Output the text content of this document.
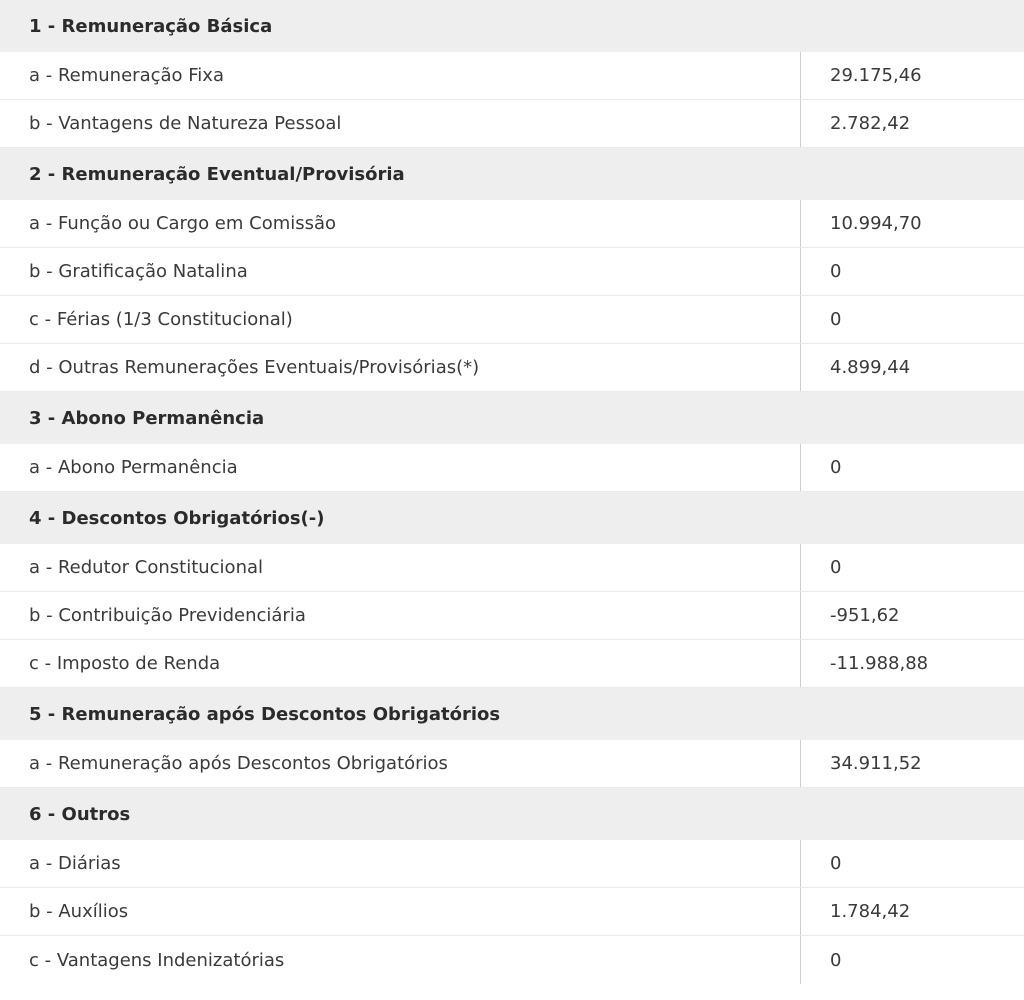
1 - Remuneração Básica
a - Remuneração Fixa	29.175,46
b - Vantagens de Natureza Pessoal	2.782,42
2 - Remuneração Eventual/Provisória
a - Função ou Cargo em Comissão	10.994,70
b - Gratificação Natalina	0
c - Férias (1/3 Constitucional)	0
d - Outras Remunerações Eventuais/Provisórias(*)	4.899,44
3 - Abono Permanência
a - Abono Permanência	0
4 - Descontos Obrigatórios(-)
a - Redutor Constitucional	0
b - Contribuição Previdenciária	-951,62
c - Imposto de Renda	-11.988,88
5 - Remuneração após Descontos Obrigatórios
a - Remuneração após Descontos Obrigatórios	34.911,52
6 - Outros
a - Diárias	0
b - Auxílios	1.784,42
c - Vantagens Indenizatórias	0
